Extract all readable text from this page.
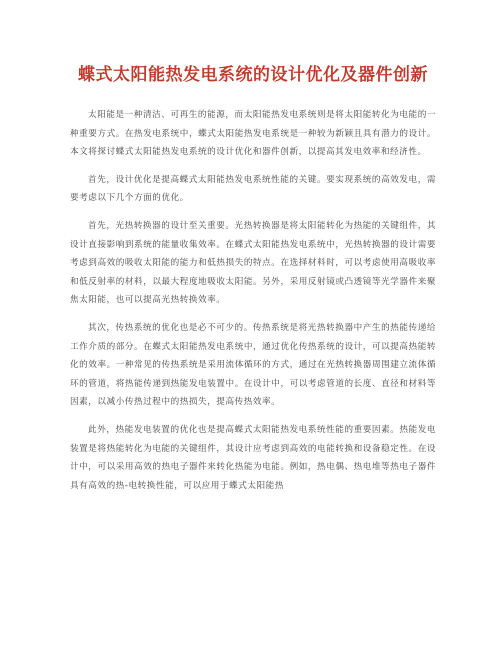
蝶式太阳能热发电系统的设计优化及器件创新

太阳能是一种清洁、可再生的能源，而太阳能热发电系统则是将太阳能转化为电能的一种重要方式。在热发电系统中，蝶式太阳能热发电系统是一种较为新颖且具有潜力的设计。本文将探讨蝶式太阳能热发电系统的设计优化和器件创新，以提高其发电效率和经济性。

首先，设计优化是提高蝶式太阳能热发电系统性能的关键。要实现系统的高效发电，需要考虑以下几个方面的优化。

首先，光热转换器的设计至关重要。光热转换器是将太阳能转化为热能的关键组件，其设计直接影响到系统的能量收集效率。在蝶式太阳能热发电系统中，光热转换器的设计需要考虑到高效的吸收太阳能的能力和低热损失的特点。在选择材料时，可以考虑使用高吸收率和低反射率的材料，以最大程度地吸收太阳能。另外，采用反射镜或凸透镜等光学器件来聚焦太阳能，也可以提高光热转换效率。

其次，传热系统的优化也是必不可少的。传热系统是将光热转换器中产生的热能传递给工作介质的部分。在蝶式太阳能热发电系统中，通过优化传热系统的设计，可以提高热能转化的效率。一种常见的传热系统是采用流体循环的方式，通过在光热转换器周围建立流体循环的管道，将热能传递到热能发电装置中。在设计中，可以考虑管道的长度、直径和材料等因素，以减小传热过程中的热损失，提高传热效率。

此外，热能发电装置的优化也是提高蝶式太阳能热发电系统性能的重要因素。热能发电装置是将热能转化为电能的关键组件，其设计应考虑到高效的电能转换和设备稳定性。在设计中，可以采用高效的热电子器件来转化热能为电能。例如，热电偶、热电堆等热电子器件具有高效的热-电转换性能，可以应用于蝶式太阳能热
